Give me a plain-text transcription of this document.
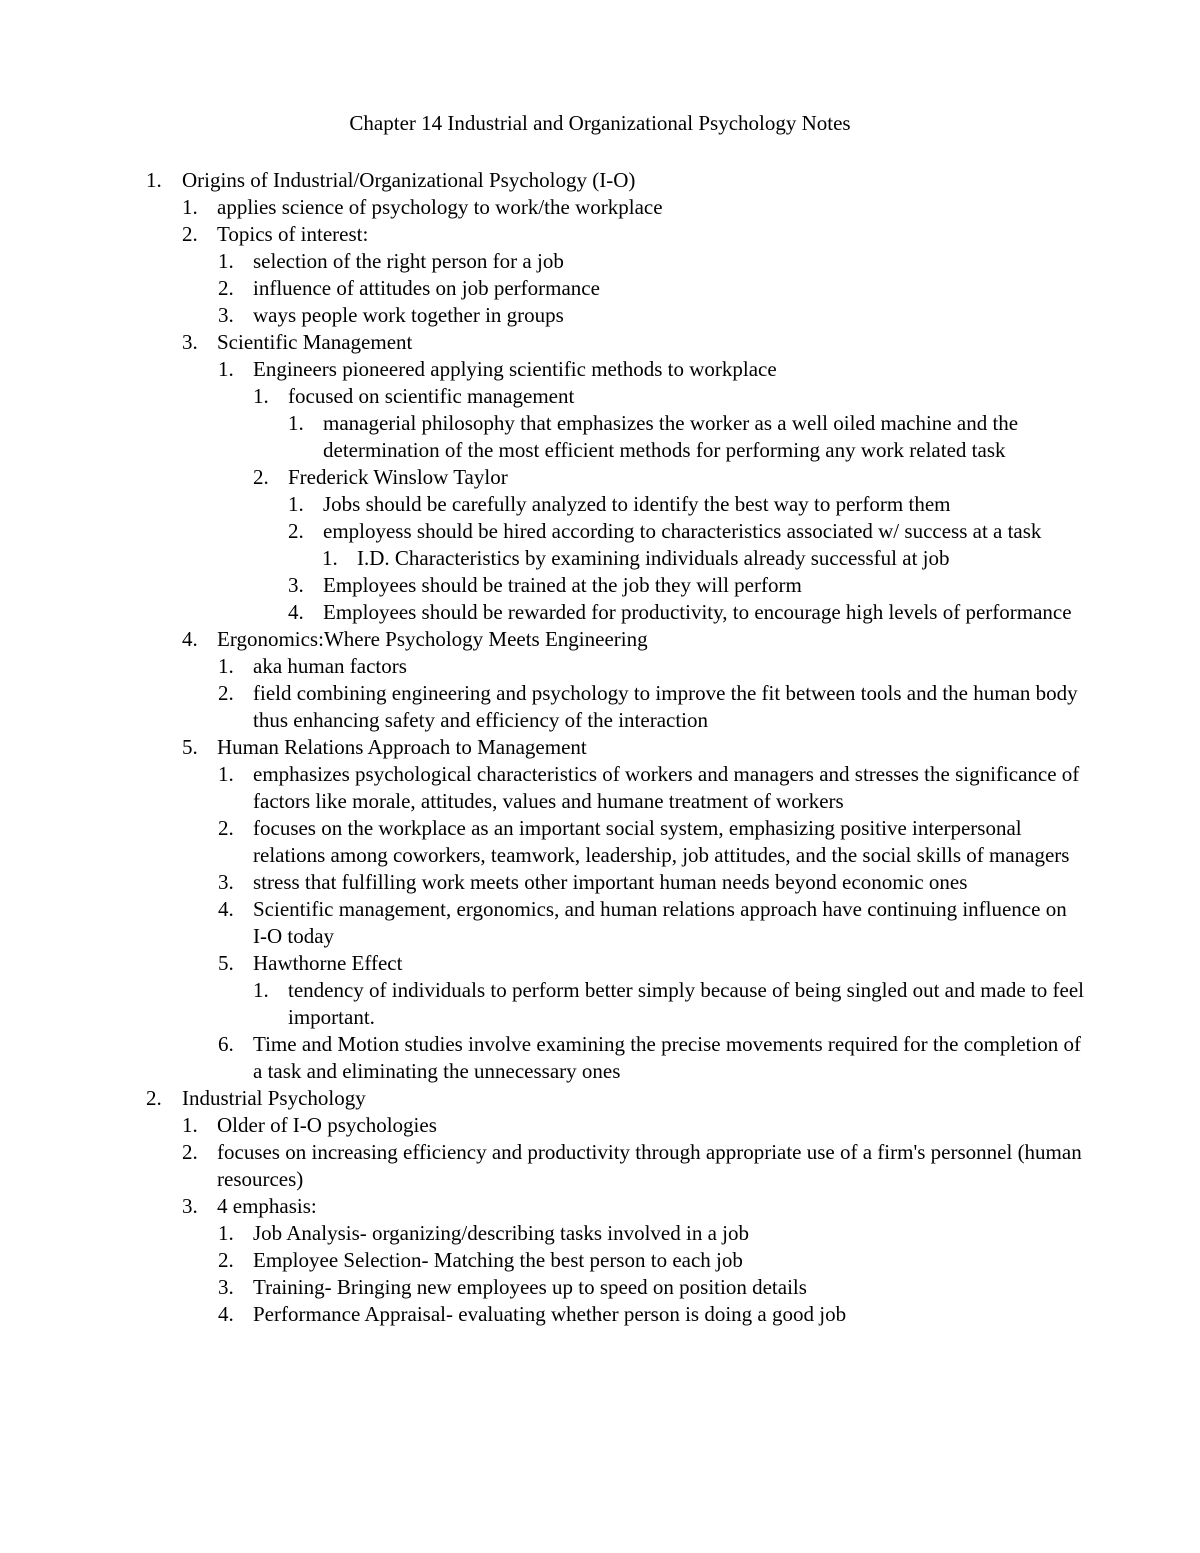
Chapter 14 Industrial and Organizational Psychology Notes
1. Origins of Industrial/Organizational Psychology (I-O)
1. applies science of psychology to work/the workplace
2. Topics of interest:
1. selection of the right person for a job
2. influence of attitudes on job performance
3. ways people work together in groups
3. Scientific Management
1. Engineers pioneered applying scientific methods to workplace
1. focused on scientific management
1. managerial philosophy that emphasizes the worker as a well oiled machine and the determination of the most efficient methods for performing any work related task
2. Frederick Winslow Taylor
1. Jobs should be carefully analyzed to identify the best way to perform them
2. employess should be hired according to characteristics associated w/ success at a task
1. I.D. Characteristics by examining individuals already successful at job
3. Employees should be trained at the job they will perform
4. Employees should be rewarded for productivity, to encourage high levels of performance
4. Ergonomics:Where Psychology Meets Engineering
1. aka human factors
2. field combining engineering and psychology to improve the fit between tools and the human body thus enhancing safety and efficiency of the interaction
5. Human Relations Approach to Management
1. emphasizes psychological characteristics of workers and managers and stresses the significance of factors like morale, attitudes, values and humane treatment of workers
2. focuses on the workplace as an important social system, emphasizing positive interpersonal relations among coworkers, teamwork, leadership, job attitudes, and the social skills of managers
3. stress that fulfilling work meets other important human needs beyond economic ones
4. Scientific management, ergonomics, and human relations approach have continuing influence on I-O today
5. Hawthorne Effect
1. tendency of individuals to perform better simply because of being singled out and made to feel important.
6. Time and Motion studies involve examining the precise movements required for the completion of a task and eliminating the unnecessary ones
2. Industrial Psychology
1. Older of I-O psychologies
2. focuses on increasing efficiency and productivity through appropriate use of a firm's personnel (human resources)
3. 4 emphasis:
1. Job Analysis- organizing/describing tasks involved in a job
2. Employee Selection- Matching the best person to each job
3. Training- Bringing new employees up to speed on position details
4. Performance Appraisal- evaluating whether person is doing a good job
